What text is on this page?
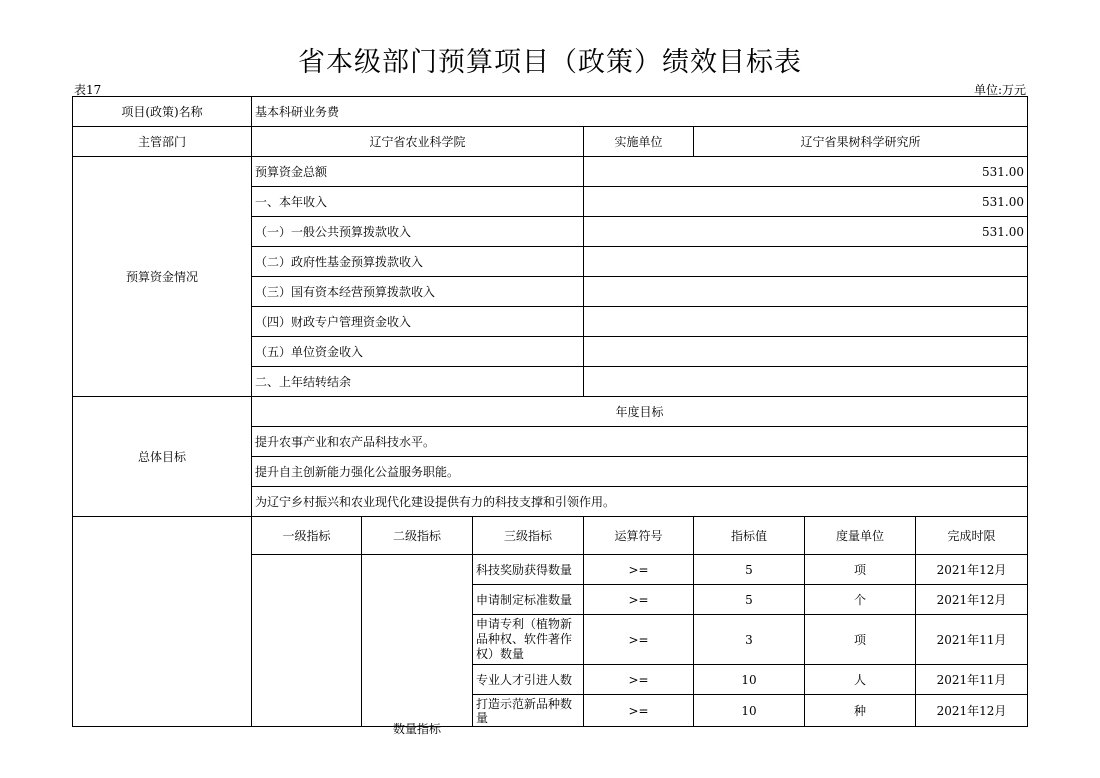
省本级部门预算项目（政策）绩效目标表
表17	单位:万元
项目(政策)名称	基本科研业务费						
主管部门	辽宁省农业科学院			实施单位	辽宁省果树科学研究所		
预算资金情况	预算资金总额			531.00			
	一、本年收入			531.00			
	（一）一般公共预算拨款收入			531.00			
	（二）政府性基金预算拨款收入						
	（三）国有资本经营预算拨款收入						
	（四）财政专户管理资金收入						
	（五）单位资金收入						
	二、上年结转结余						
总体目标	年度目标						
	提升农事产业和农产品科技水平。						
	提升自主创新能力强化公益服务职能。						
	为辽宁乡村振兴和农业现代化建设提供有力的科技支撑和引领作用。						
	一级指标	二级指标	三级指标	运算符号	指标值	度量单位	完成时限

		数量指标	科技奖励获得数量	>=	5	项	2021年12月
			申请制定标准数量	>=	5	个	2021年12月
			申请专利（植物新品种权、软件著作权）数量	>=	3	项	2021年11月
			专业人才引进人数	>=	10	人	2021年11月
			打造示范新品种数量	>=	10	种	2021年12月
